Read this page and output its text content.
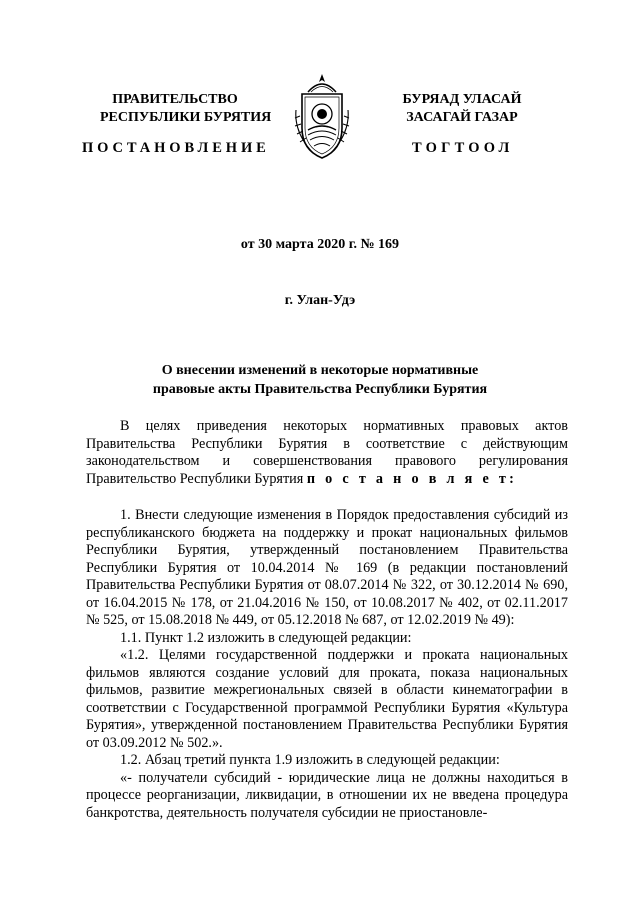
ПРАВИТЕЛЬСТВО
РЕСПУБЛИКИ БУРЯТИЯ
ПОСТАНОВЛЕНИЕ
БУРЯАД УЛАСАЙ
ЗАСАГАЙ ГАЗАР
ТОГТООЛ
от 30 марта 2020 г. № 169
г. Улан-Удэ
О внесении изменений в некоторые нормативные
правовые акты Правительства Республики Бурятия

В целях приведения некоторых нормативных правовых актов Правительства Республики Бурятия в соответствие с действующим законодательством и совершенствования правового регулирования Правительство Республики Бурятия п о с т а н о в л я е т:

1. Внести следующие изменения в Порядок предоставления субсидий из республиканского бюджета на поддержку и прокат национальных фильмов Республики Бурятия, утвержденный постановлением Правительства Республики Бурятия от 10.04.2014 № 169 (в редакции постановлений Правительства Республики Бурятия от 08.07.2014 № 322, от 30.12.2014 № 690, от 16.04.2015 № 178, от 21.04.2016 № 150, от 10.08.2017 № 402, от 02.11.2017 № 525, от 15.08.2018 № 449, от 05.12.2018 № 687, от 12.02.2019 № 49):

1.1. Пункт 1.2 изложить в следующей редакции:

«1.2. Целями государственной поддержки и проката национальных фильмов являются создание условий для проката, показа национальных фильмов, развитие межрегиональных связей в области кинематографии в соответствии с Государственной программой Республики Бурятия «Культура Бурятия», утвержденной постановлением Правительства Республики Бурятия от 03.09.2012 № 502.».

1.2. Абзац третий пункта 1.9 изложить в следующей редакции:

«- получатели субсидий - юридические лица не должны находиться в процессе реорганизации, ликвидации, в отношении их не введена процедура банкротства, деятельность получателя субсидии не приостановле-
